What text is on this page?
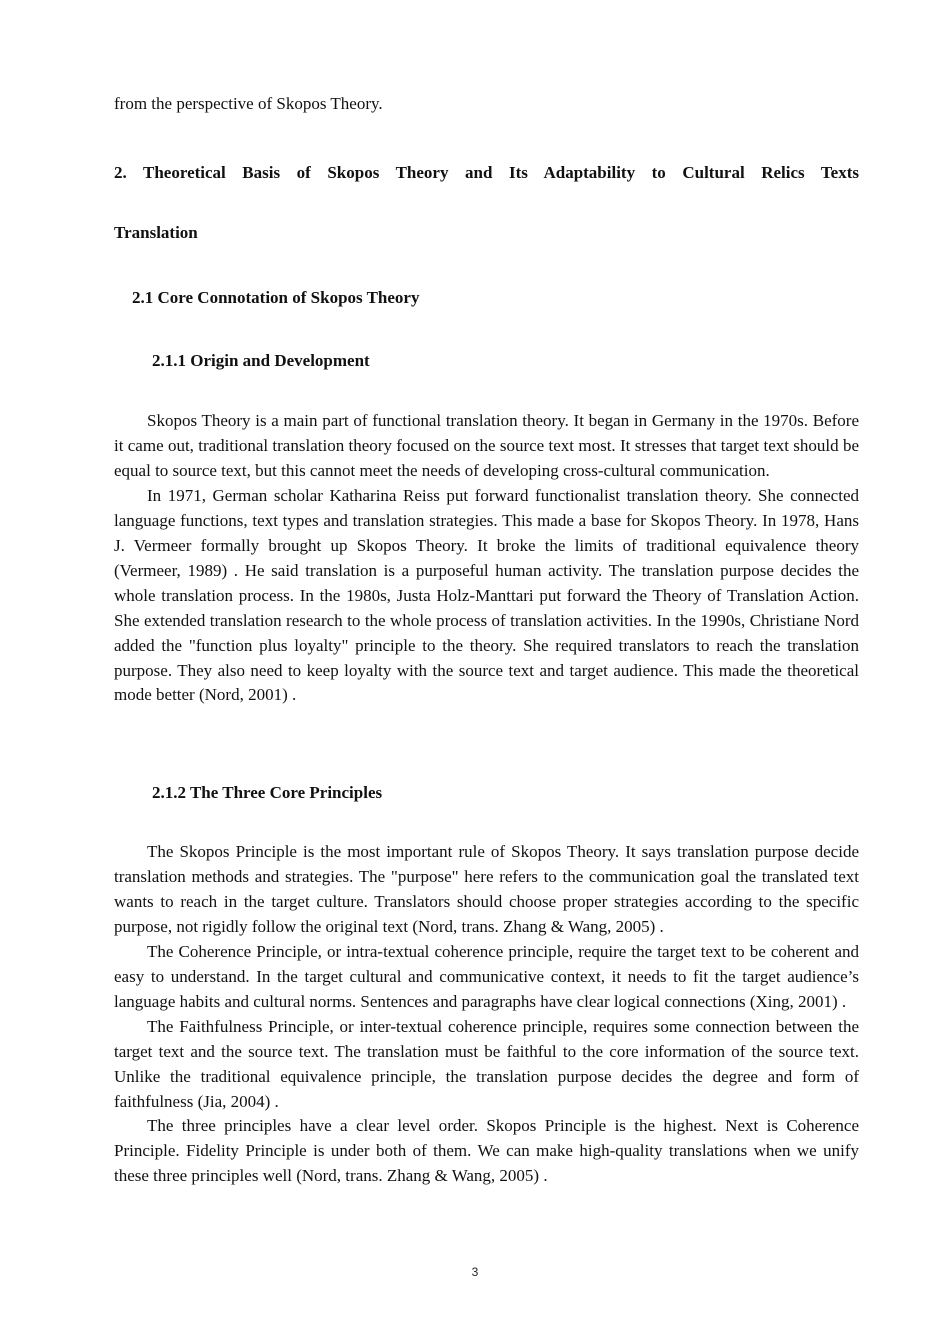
from the perspective of Skopos Theory.
2. Theoretical Basis of Skopos Theory and Its Adaptability to Cultural Relics Texts
Translation
2.1 Core Connotation of Skopos Theory
2.1.1 Origin and Development

Skopos Theory is a main part of functional translation theory. It began in Germany in the 1970s. Before it came out, traditional translation theory focused on the source text most. It stresses that target text should be equal to source text, but this cannot meet the needs of developing cross-cultural communication.

In 1971, German scholar Katharina Reiss put forward functionalist translation theory. She connected language functions, text types and translation strategies. This made a base for Skopos Theory. In 1978, Hans J. Vermeer formally brought up Skopos Theory. It broke the limits of traditional equivalence theory (Vermeer, 1989) . He said translation is a purposeful human activity. The translation purpose decides the whole translation process. In the 1980s, Justa Holz-Manttari put forward the Theory of Translation Action. She extended translation research to the whole process of translation activities. In the 1990s, Christiane Nord added the "function plus loyalty" principle to the theory. She required translators to reach the translation purpose. They also need to keep loyalty with the source text and target audience. This made the theoretical mode better (Nord, 2001) .

2.1.2 The Three Core Principles

The Skopos Principle is the most important rule of Skopos Theory. It says translation purpose decide translation methods and strategies. The "purpose" here refers to the communication goal the translated text wants to reach in the target culture. Translators should choose proper strategies according to the specific purpose, not rigidly follow the original text (Nord, trans. Zhang & Wang, 2005) .

The Coherence Principle, or intra-textual coherence principle, require the target text to be coherent and easy to understand. In the target cultural and communicative context, it needs to fit the target audience’s language habits and cultural norms. Sentences and paragraphs have clear logical connections (Xing, 2001) .

The Faithfulness Principle, or inter-textual coherence principle, requires some connection between the target text and the source text. The translation must be faithful to the core information of the source text. Unlike the traditional equivalence principle, the translation purpose decides the degree and form of faithfulness (Jia, 2004) .

The three principles have a clear level order. Skopos Principle is the highest. Next is Coherence Principle. Fidelity Principle is under both of them. We can make high-quality translations when we unify these three principles well (Nord, trans. Zhang & Wang, 2005) .

3
